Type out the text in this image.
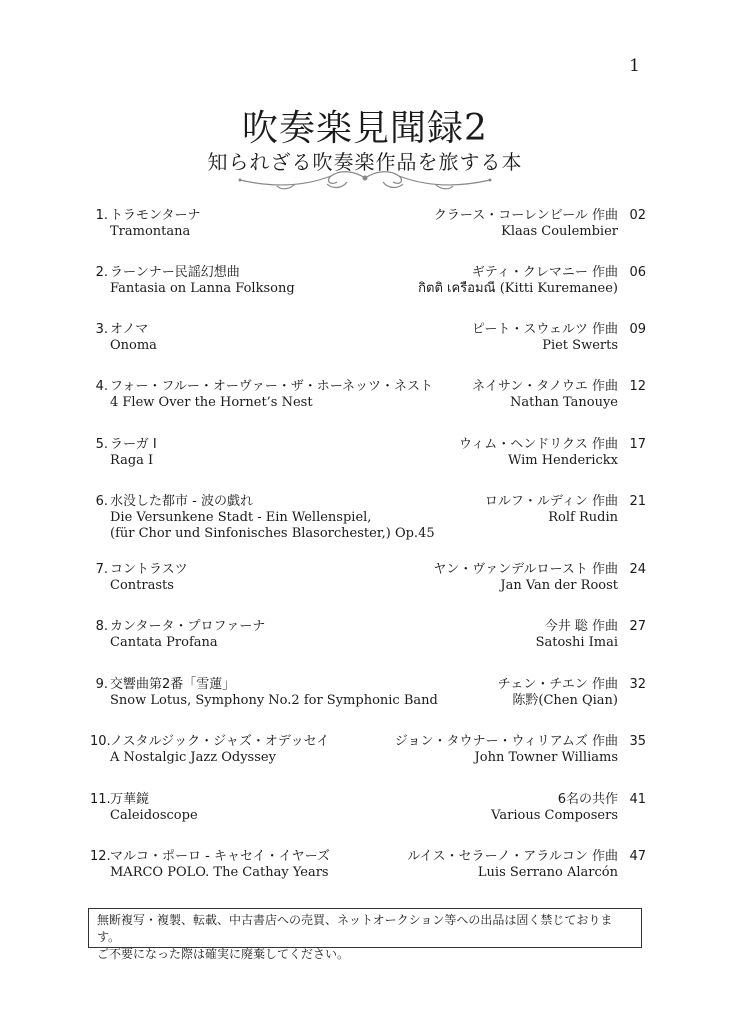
1
吹奏楽見聞録2
知られざる吹奏楽作品を旅する本
1. トラモンターナ
Tramontana
クラース・コーレンビール 作曲
Klaas Coulembier
02
2. ラーンナー民謡幻想曲
Fantasia on Lanna Folksong
ギティ・クレマニー 作曲
กิตติ เครือมณี (Kitti Kuremanee)
06
3. オノマ
Onoma
ピート・スウェルツ 作曲
Piet Swerts
09
4. フォー・フルー・オーヴァー・ザ・ホーネッツ・ネスト
4 Flew Over the Hornet’s Nest
ネイサン・タノウエ 作曲
Nathan Tanouye
12
5. ラーガ I
Raga I
ウィム・ヘンドリクス 作曲
Wim Henderickx
17
6. 水没した都市 - 波の戯れ
Die Versunkene Stadt - Ein Wellenspiel,
(für Chor und Sinfonisches Blasorchester,) Op.45
ロルフ・ルディン 作曲
Rolf Rudin
21
7. コントラスツ
Contrasts
ヤン・ヴァンデルロースト 作曲
Jan Van der Roost
24
8. カンタータ・プロファーナ
Cantata Profana
今井 聡 作曲
Satoshi Imai
27
9. 交響曲第2番「雪蓮」
Snow Lotus, Symphony No.2 for Symphonic Band
チェン・チエン 作曲
陈黔(Chen Qian)
32
10. ノスタルジック・ジャズ・オデッセイ
A Nostalgic Jazz Odyssey
ジョン・タウナー・ウィリアムズ 作曲
John Towner Williams
35
11. 万華鏡
Caleidoscope
6名の共作
Various Composers
41
12. マルコ・ポーロ - キャセイ・イヤーズ
MARCO POLO. The Cathay Years
ルイス・セラーノ・アラルコン 作曲
Luis Serrano Alarcón
47
無断複写・複製、転載、中古書店への売買、ネットオークション等への出品は固く禁じております。
ご不要になった際は確実に廃棄してください。
